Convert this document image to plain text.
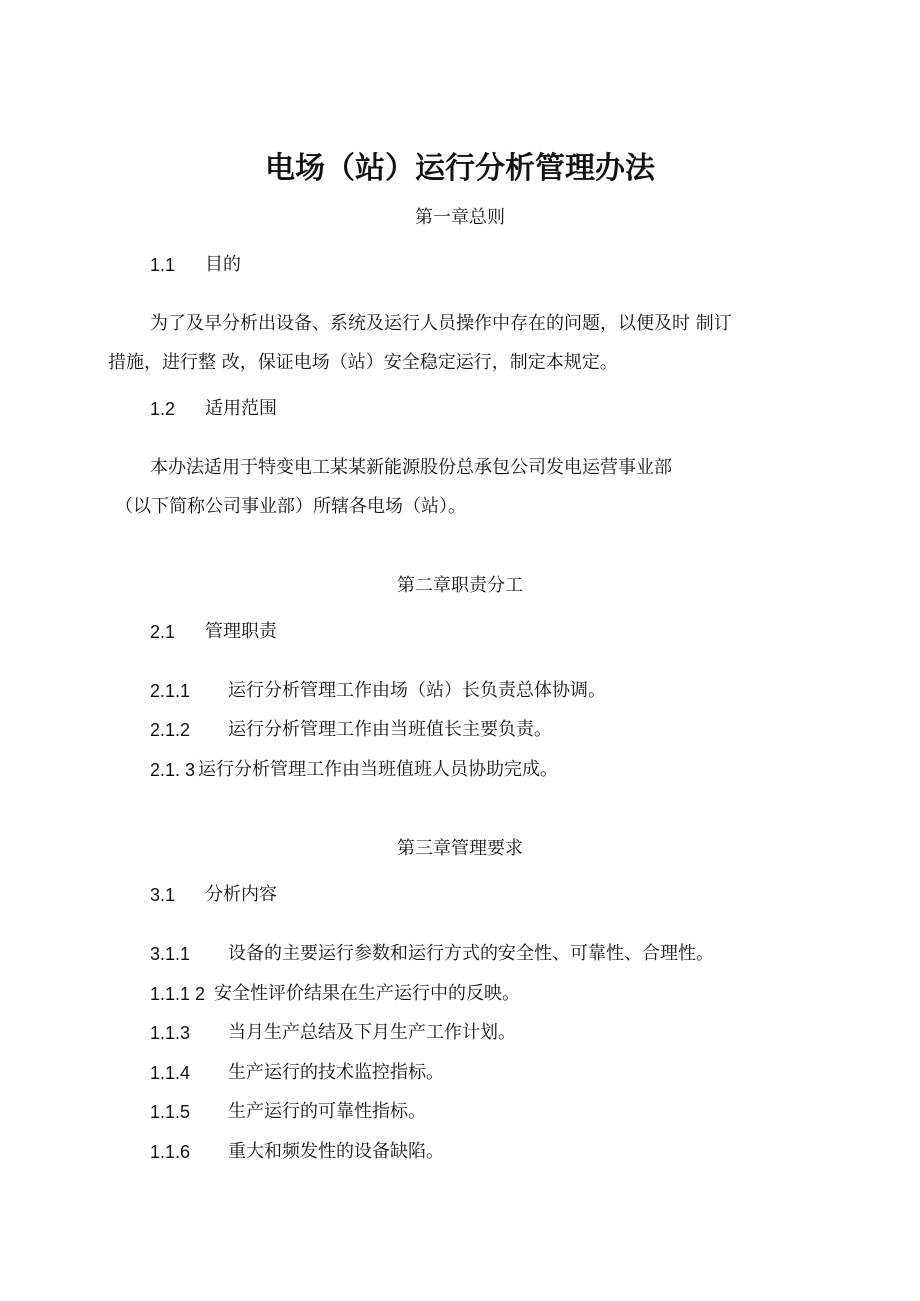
电场（站）运行分析管理办法
第一章总则
1.1 目的
为了及早分析出设备、系统及运行人员操作中存在的问题，以便及时 制订
措施，进行整 改，保证电场（站）安全稳定运行，制定本规定。
1.2 适用范围
本办法适用于特变电工某某新能源股份总承包公司发电运营事业部
（以下简称公司事业部）所辖各电场（站）。
第二章职责分工
2.1 管理职责
2.1.1 运行分析管理工作由场（站）长负责总体协调。
2.1.2 运行分析管理工作由当班值长主要负责。
2.1. 3 运行分析管理工作由当班值班人员协助完成。
第三章管理要求
3.1 分析内容
3.1.1 设备的主要运行参数和运行方式的安全性、可靠性、合理性。
1.1.1 2 安全性评价结果在生产运行中的反映。
1.1.3 当月生产总结及下月生产工作计划。
1.1.4 生产运行的技术监控指标。
1.1.5 生产运行的可靠性指标。
1.1.6 重大和频发性的设备缺陷。
